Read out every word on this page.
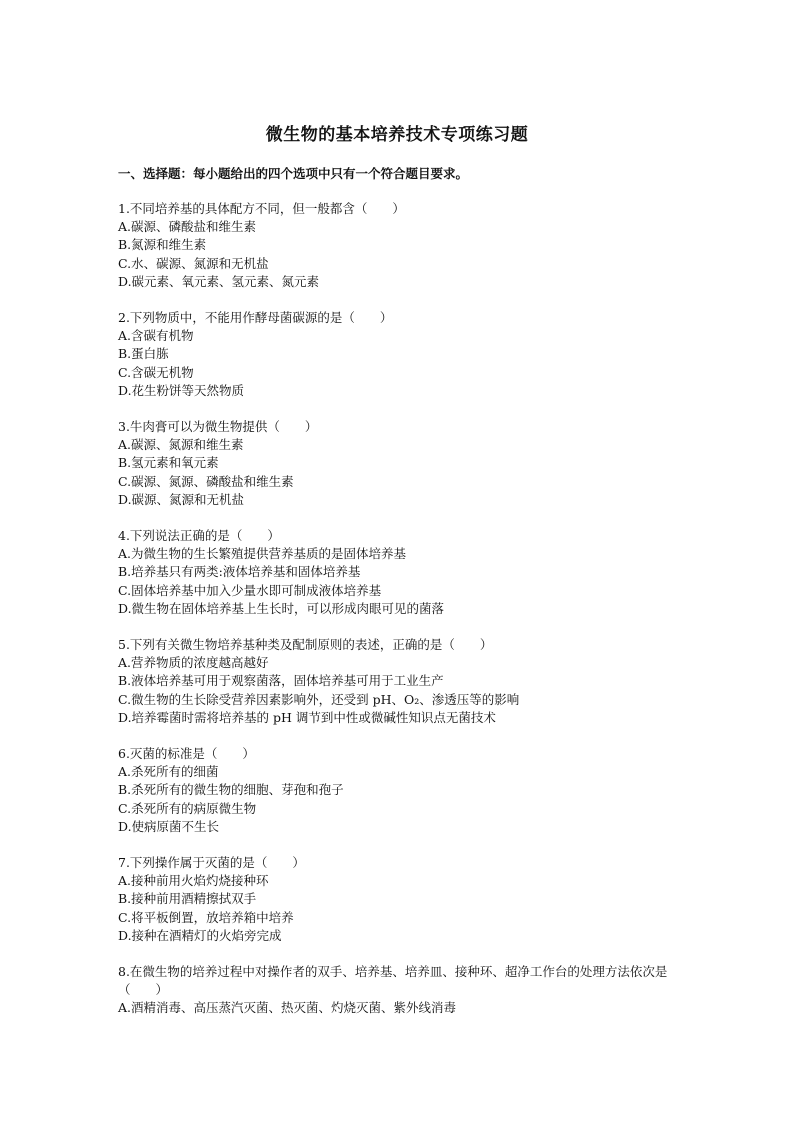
微生物的基本培养技术专项练习题
一、选择题：每小题给出的四个选项中只有一个符合题目要求。

1.不同培养基的具体配方不同，但一般都含（　　）

A.碳源、磷酸盐和维生素

B.氮源和维生素

C.水、碳源、氮源和无机盐

D.碳元素、氧元素、氢元素、氮元素

2.下列物质中，不能用作酵母菌碳源的是（　　）

A.含碳有机物

B.蛋白胨

C.含碳无机物

D.花生粉饼等天然物质

3.牛肉膏可以为微生物提供（　　）

A.碳源、氮源和维生素

B.氢元素和氧元素

C.碳源、氮源、磷酸盐和维生素

D.碳源、氮源和无机盐

4.下列说法正确的是（　　）

A.为微生物的生长繁殖提供营养基质的是固体培养基

B.培养基只有两类:液体培养基和固体培养基

C.固体培养基中加入少量水即可制成液体培养基

D.微生物在固体培养基上生长时，可以形成肉眼可见的菌落

5.下列有关微生物培养基种类及配制原则的表述，正确的是（　　）

A.营养物质的浓度越高越好

B.液体培养基可用于观察菌落，固体培养基可用于工业生产

C.微生物的生长除受营养因素影响外，还受到 pH、O₂、渗透压等的影响

D.培养霉菌时需将培养基的 pH 调节到中性或微碱性知识点无菌技术

6.灭菌的标准是（　　）

A.杀死所有的细菌

B.杀死所有的微生物的细胞、芽孢和孢子

C.杀死所有的病原微生物

D.使病原菌不生长

7.下列操作属于灭菌的是（　　）

A.接种前用火焰灼烧接种环

B.接种前用酒精擦拭双手

C.将平板倒置，放培养箱中培养

D.接种在酒精灯的火焰旁完成

8.在微生物的培养过程中对操作者的双手、培养基、培养皿、接种环、超净工作台的处理方法依次是（　　）

A.酒精消毒、高压蒸汽灭菌、热灭菌、灼烧灭菌、紫外线消毒
